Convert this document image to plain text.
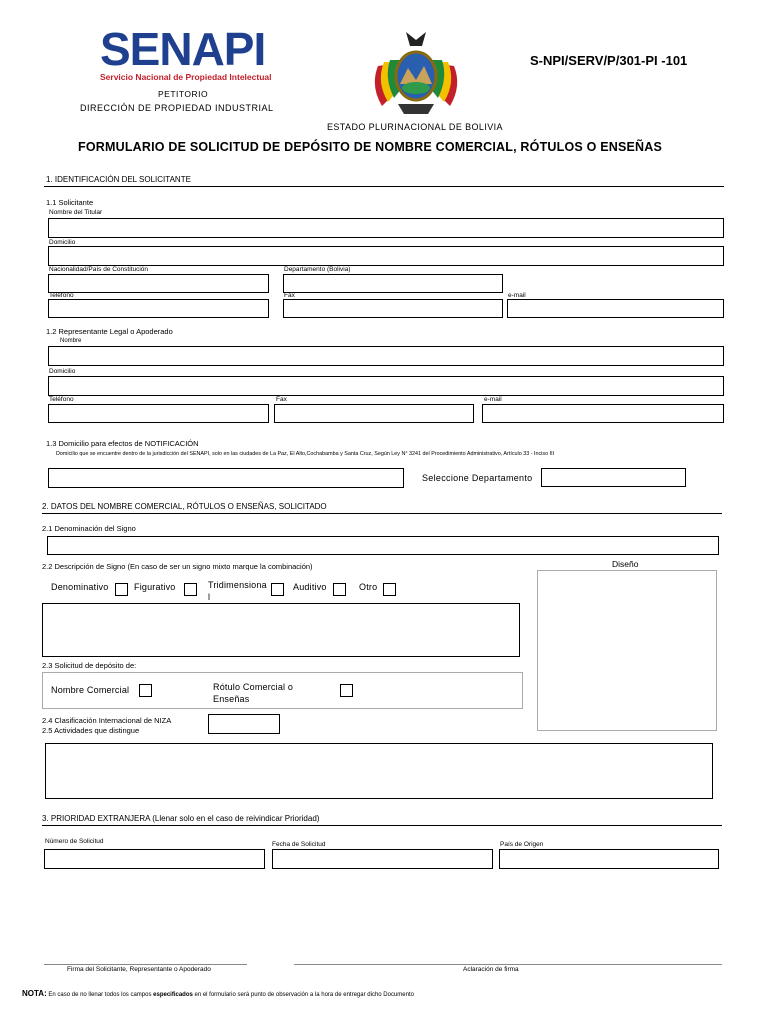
SENAPI
Servicio Nacional de Propiedad Intelectual
PETITORIO
DIRECCIÓN DE PROPIEDAD INDUSTRIAL
S-NPI/SERV/P/301-PI -101
ESTADO PLURINACIONAL DE BOLIVIA
FORMULARIO DE SOLICITUD DE DEPÓSITO DE NOMBRE COMERCIAL, RÓTULOS O ENSEÑAS
1. IDENTIFICACIÓN DEL SOLICITANTE
1.1 Solicitante
Nombre del Titular
Domicilio
Nacionalidad/País de Constitución	Departamento (Bolivia)
Teléfono	Fax	e-mail
1.2 Representante Legal o Apoderado
Nombre
Domicilio
Teléfono	Fax	e-mail
1.3 Domicilio para efectos de NOTIFICACIÓN
Domicilio que se encuentre dentro de la jurisdicción del SENAPI, solo en las ciudades de La Paz, El Alto,Cochabamba y Santa Cruz, Según Ley N° 3241 del Procedimiento Administrativo, Artículo 33 - Inciso III
Seleccione Departamento
2. DATOS DEL NOMBRE COMERCIAL, RÓTULOS O ENSEÑAS, SOLICITADO
2.1 Denominación del Signo
2.2 Descripción de Signo (En caso de ser un signo mixto marque la combinación)	Diseño
Denominativo	Figurativo	Tridimensiona
l
Auditivo	Otro
2.3 Solicitud de depósito de:
Nombre Comercial	Rótulo Comercial o
Enseñas
2.4 Clasificación Internacional de NIZA
2.5 Actividades que distingue
3. PRIORIDAD EXTRANJERA (Llenar solo en el caso de reivindicar Prioridad)
Número de Solicitud	Fecha de Solicitud	País de Origen
Firma del Solicitante, Representante o Apoderado	Aclaración de firma
NOTA: En caso de no llenar todos los campos especificados en el formulario será punto de observación a la hora de entregar dicho Documento
